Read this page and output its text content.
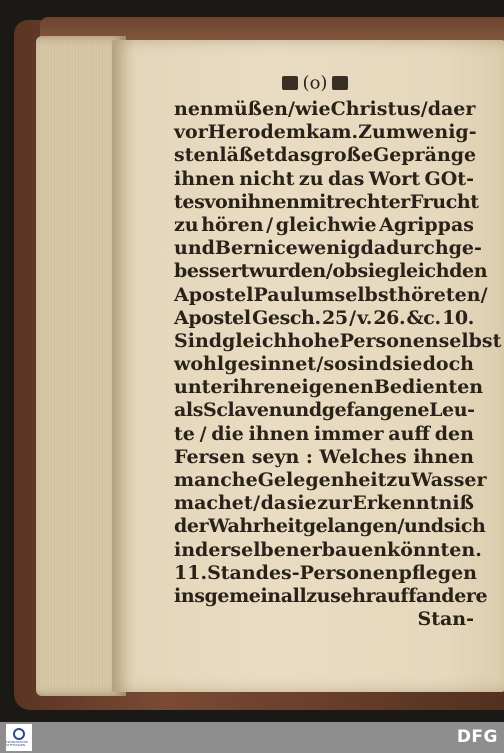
(o)
nen müßen/ wie Christus/ da er
vor Herodem kam. Zum wenig-
sten läßet das große Gepränge
ihnen nicht zu das Wort GOt-
tes von ihnen mit rechter Frucht
zu hören / gleichwie Agrippas
und Bernice wenig dadurch ge-
bessert wurden / ob sie gleich den
Apostel Paulum selbst höreten /
Apostel Gesch. 25 / v. 26. &c. 10.
Sind gleich hohe Personen selbst
wohl gesinnet / so sind sie doch
unter ihren eigenen Bedienten
als Sclaven und gefangene Leu-
te / die ihnen immer auff den
Fersen seyn : Welches ihnen
manche Gelegenheit zu Wasser
machet / da sie zur Erkenntniß
der Wahrheit gelangen / und sich
in derselben erbauen könnten.
11. Standes-Personen pflegen
insgemein allzusehr auff andere
Stan-
FRANCKESCHE STIFTUNGEN	DFG
